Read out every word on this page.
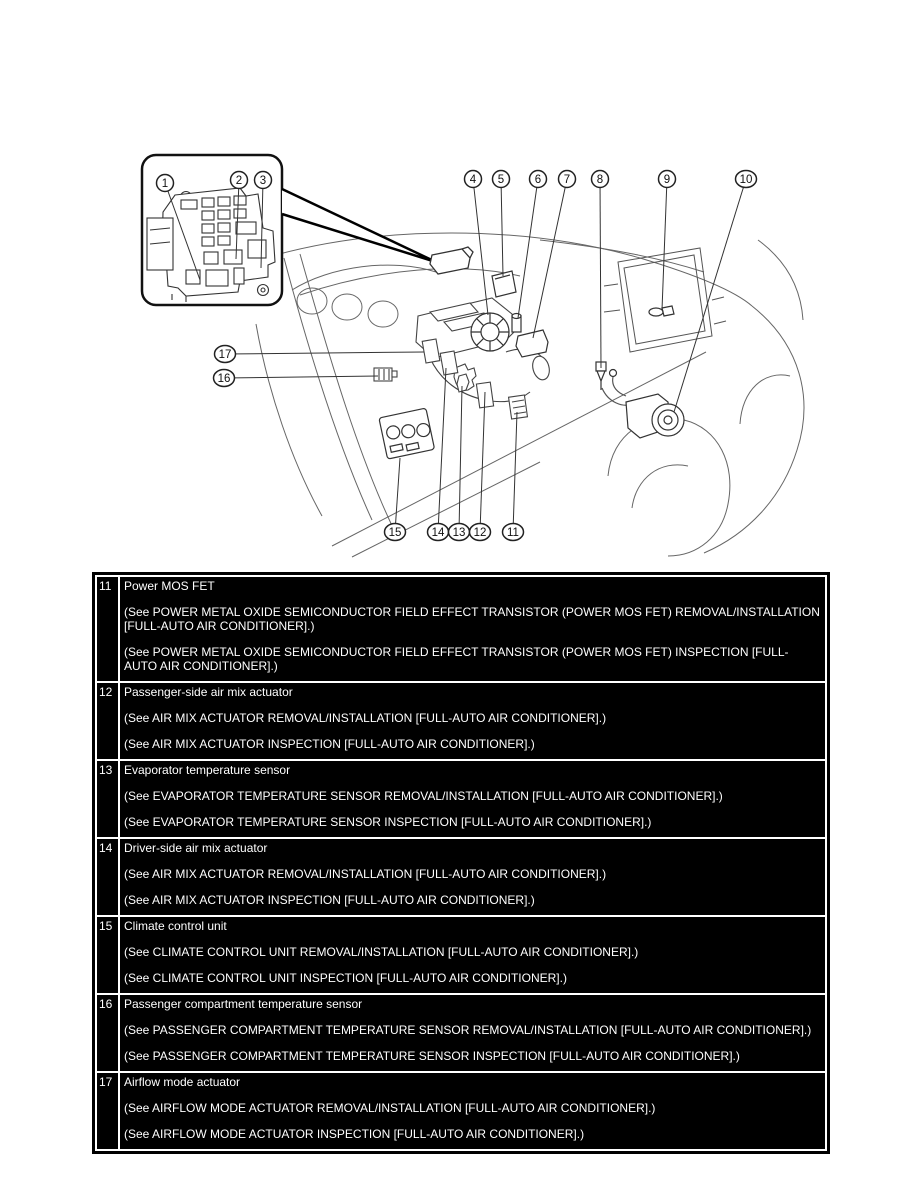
1	2 3	4 5	6 7 8	9	10
17
16
15	14 13 12 11
11	Power MOS FET
(See POWER METAL OXIDE SEMICONDUCTOR FIELD EFFECT TRANSISTOR (POWER MOS FET) REMOVAL/INSTALLATION [FULL-AUTO AIR CONDITIONER].)
(See POWER METAL OXIDE SEMICONDUCTOR FIELD EFFECT TRANSISTOR (POWER MOS FET) INSPECTION [FULL-AUTO AIR CONDITIONER].)
12 Passenger-side air mix actuator
(See AIR MIX ACTUATOR REMOVAL/INSTALLATION [FULL-AUTO AIR CONDITIONER].)
(See AIR MIX ACTUATOR INSPECTION [FULL-AUTO AIR CONDITIONER].)
13 Evaporator temperature sensor
(See EVAPORATOR TEMPERATURE SENSOR REMOVAL/INSTALLATION [FULL-AUTO AIR CONDITIONER].)
(See EVAPORATOR TEMPERATURE SENSOR INSPECTION [FULL-AUTO AIR CONDITIONER].)
14 Driver-side air mix actuator
(See AIR MIX ACTUATOR REMOVAL/INSTALLATION [FULL-AUTO AIR CONDITIONER].)
(See AIR MIX ACTUATOR INSPECTION [FULL-AUTO AIR CONDITIONER].)
15 Climate control unit
(See CLIMATE CONTROL UNIT REMOVAL/INSTALLATION [FULL-AUTO AIR CONDITIONER].)
(See CLIMATE CONTROL UNIT INSPECTION [FULL-AUTO AIR CONDITIONER].)
16 Passenger compartment temperature sensor
(See PASSENGER COMPARTMENT TEMPERATURE SENSOR REMOVAL/INSTALLATION [FULL-AUTO AIR CONDITIONER].)
(See PASSENGER COMPARTMENT TEMPERATURE SENSOR INSPECTION [FULL-AUTO AIR CONDITIONER].)
17 Airflow mode actuator
(See AIRFLOW MODE ACTUATOR REMOVAL/INSTALLATION [FULL-AUTO AIR CONDITIONER].)
(See AIRFLOW MODE ACTUATOR INSPECTION [FULL-AUTO AIR CONDITIONER].)
